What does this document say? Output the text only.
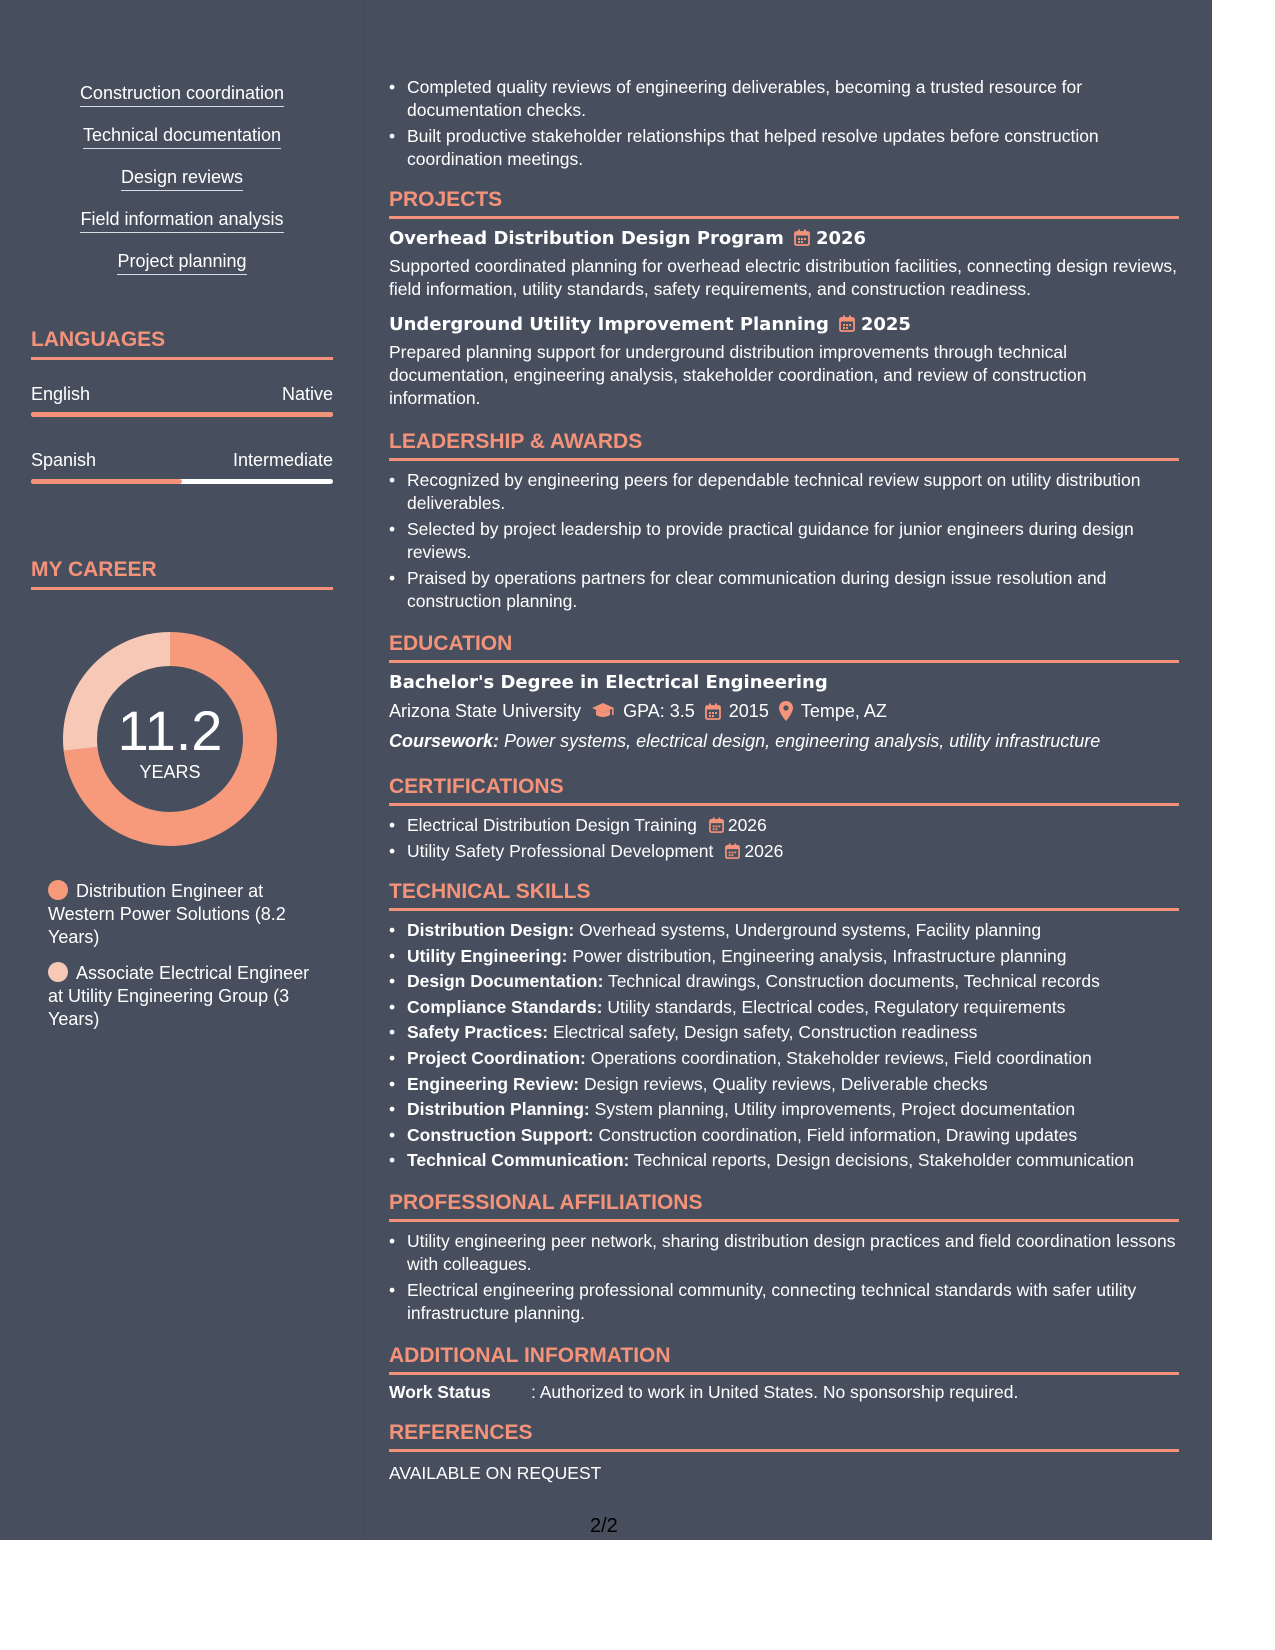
Construction coordination
Technical documentation
Design reviews
Field information analysis
Project planning
LANGUAGES
English	Native
Spanish	Intermediate
MY CAREER
11.2
YEARS
Distribution Engineer at Western Power Solutions (8.2 Years)
Associate Electrical Engineer at Utility Engineering Group (3 Years)
• Completed quality reviews of engineering deliverables, becoming a trusted resource for documentation checks.
• Built productive stakeholder relationships that helped resolve updates before construction coordination meetings.
PROJECTS
Overhead Distribution Design Program 2026
Supported coordinated planning for overhead electric distribution facilities, connecting design reviews, field information, utility standards, safety requirements, and construction readiness.
Underground Utility Improvement Planning 2025
Prepared planning support for underground distribution improvements through technical documentation, engineering analysis, stakeholder coordination, and review of construction information.
LEADERSHIP & AWARDS
• Recognized by engineering peers for dependable technical review support on utility distribution deliverables.
• Selected by project leadership to provide practical guidance for junior engineers during design reviews.
• Praised by operations partners for clear communication during design issue resolution and construction planning.
EDUCATION
Bachelor's Degree in Electrical Engineering
Arizona State University GPA: 3.5 2015 Tempe, AZ
Coursework: Power systems, electrical design, engineering analysis, utility infrastructure
CERTIFICATIONS
• Electrical Distribution Design Training 2026
• Utility Safety Professional Development 2026
TECHNICAL SKILLS
• Distribution Design: Overhead systems, Underground systems, Facility planning
• Utility Engineering: Power distribution, Engineering analysis, Infrastructure planning
• Design Documentation: Technical drawings, Construction documents, Technical records
• Compliance Standards: Utility standards, Electrical codes, Regulatory requirements
• Safety Practices: Electrical safety, Design safety, Construction readiness
• Project Coordination: Operations coordination, Stakeholder reviews, Field coordination
• Engineering Review: Design reviews, Quality reviews, Deliverable checks
• Distribution Planning: System planning, Utility improvements, Project documentation
• Construction Support: Construction coordination, Field information, Drawing updates
• Technical Communication: Technical reports, Design decisions, Stakeholder communication
PROFESSIONAL AFFILIATIONS
• Utility engineering peer network, sharing distribution design practices and field coordination lessons with colleagues.
• Electrical engineering professional community, connecting technical standards with safer utility infrastructure planning.
ADDITIONAL INFORMATION
Work Status	: Authorized to work in United States. No sponsorship required.
REFERENCES
AVAILABLE ON REQUEST
2/2
